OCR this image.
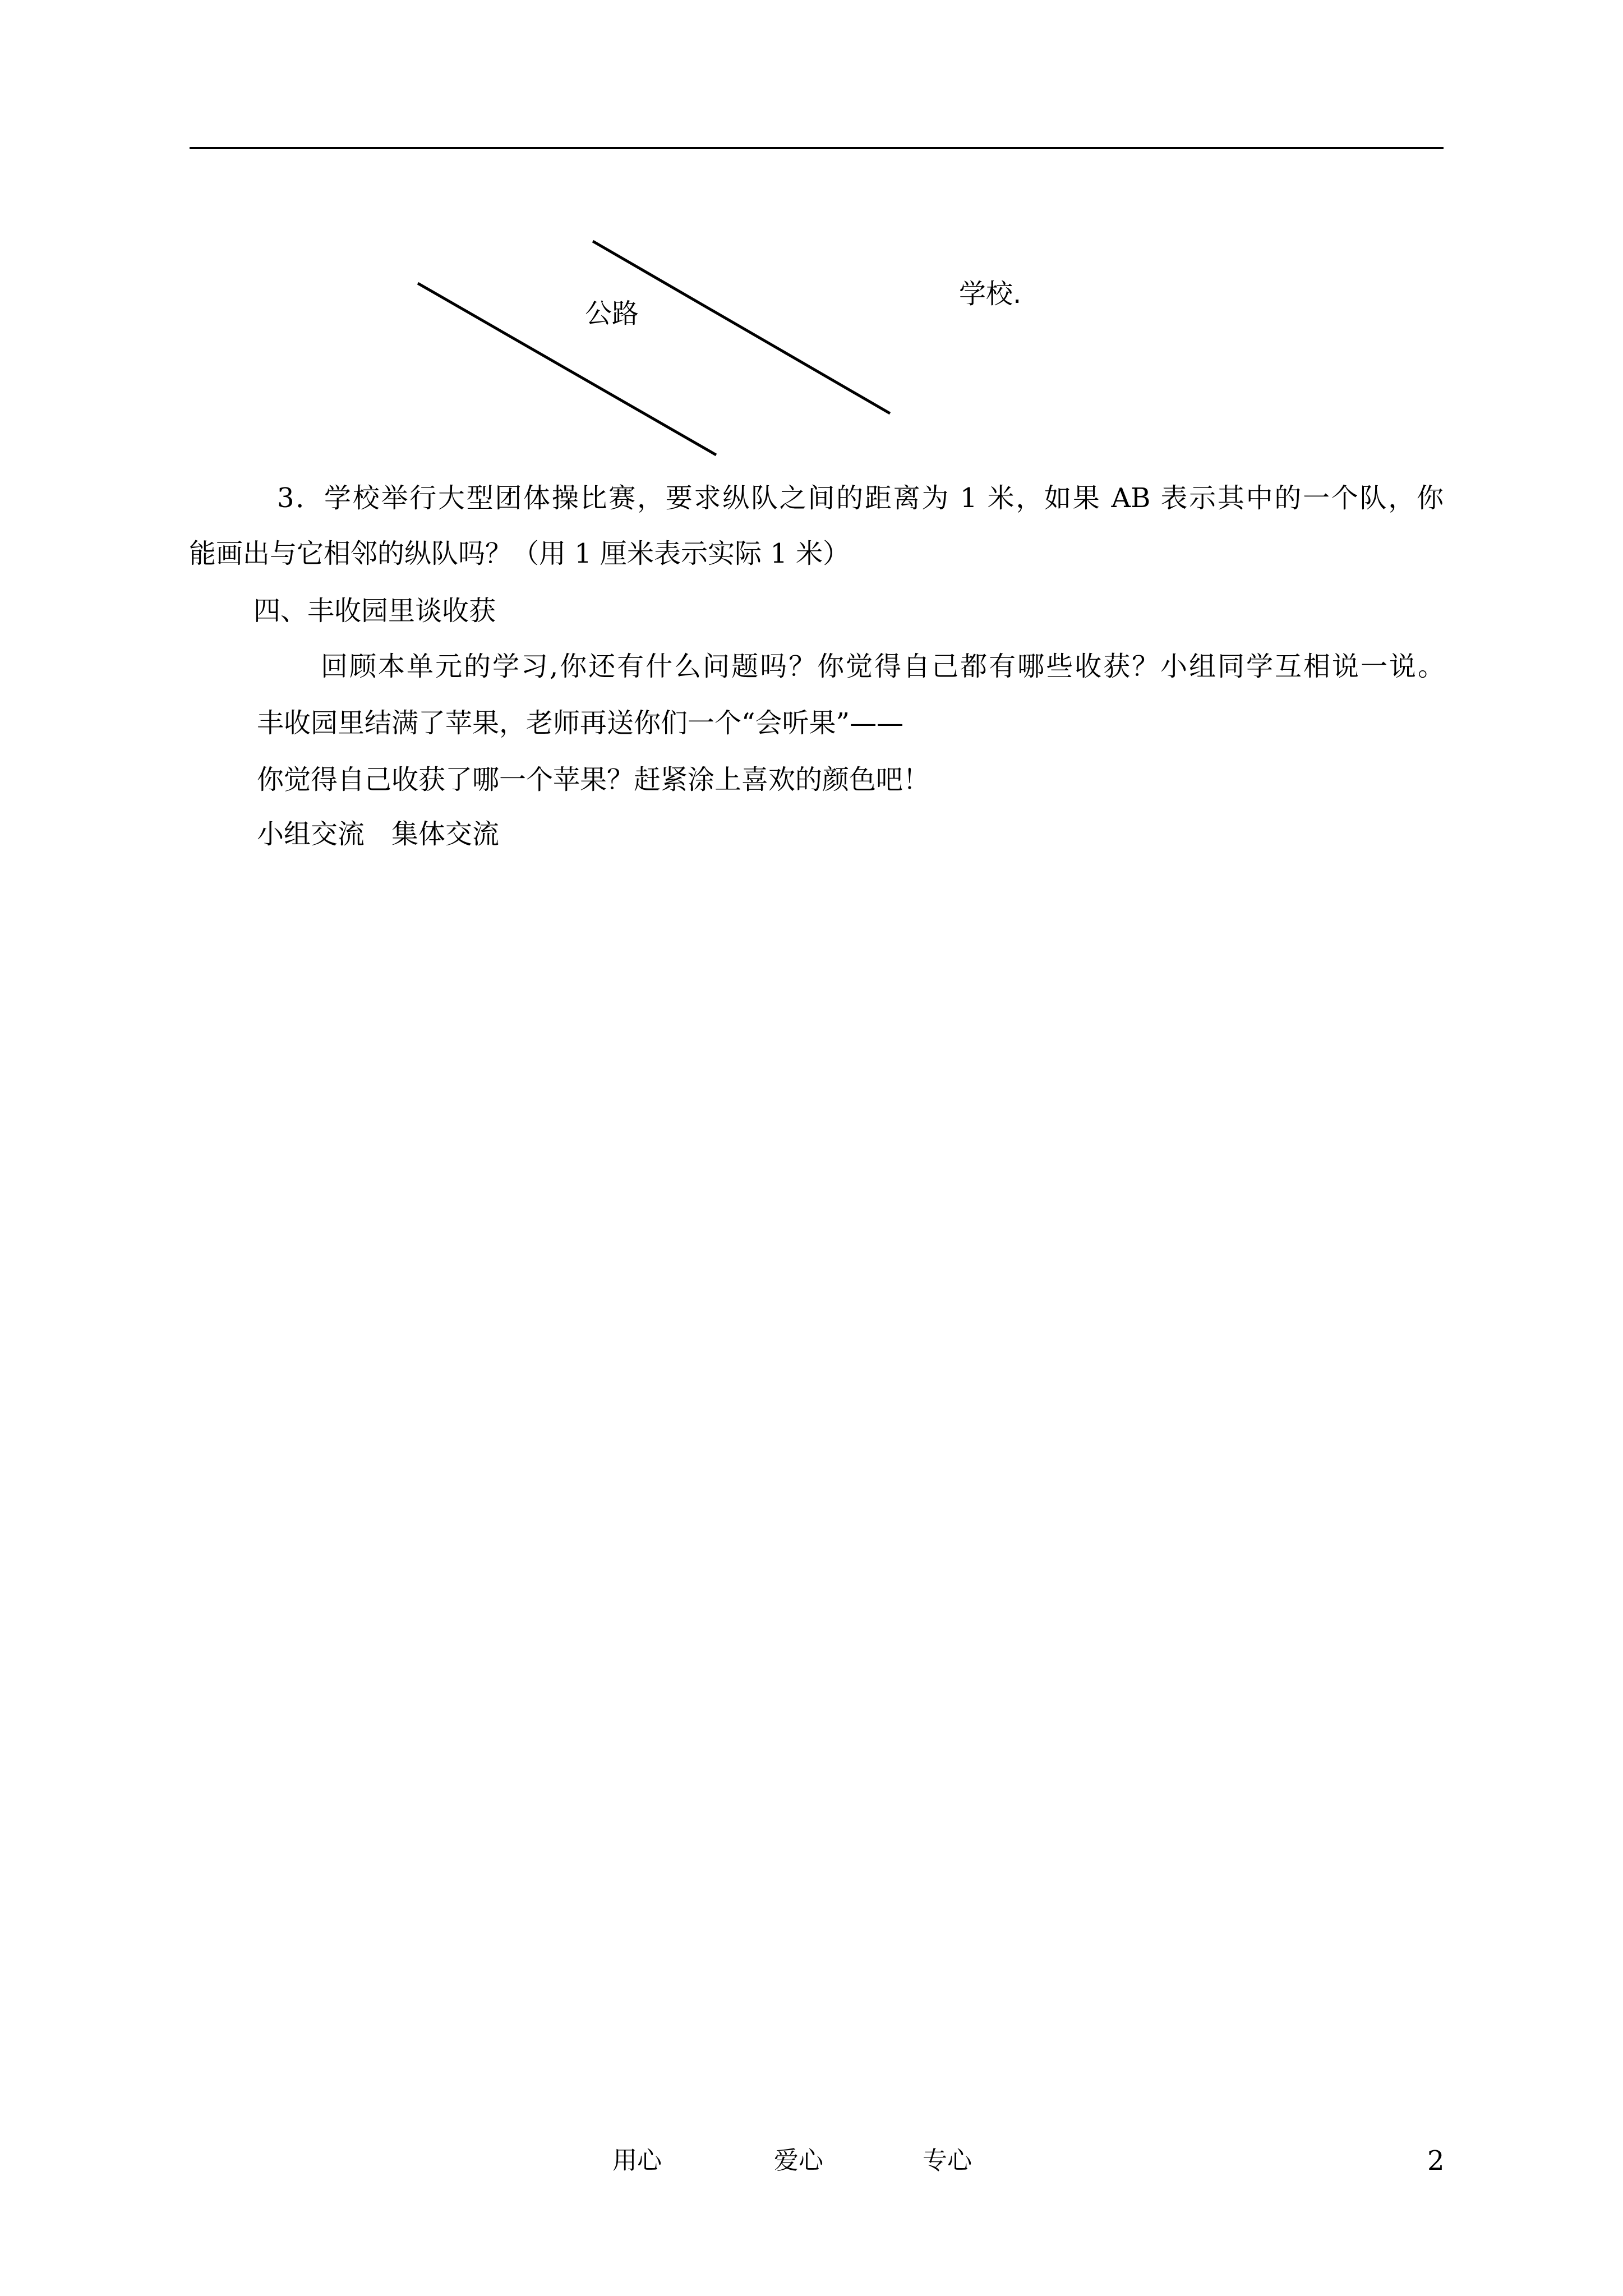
公路
学校.
3．学校举行大型团体操比赛，要求纵队之间的距离为 1 米，如果 AB 表示其中的一个队，你
能画出与它相邻的纵队吗？（用 1 厘米表示实际 1 米）
四、丰收园里谈收获
回顾本单元的学习,你还有什么问题吗？你觉得自己都有哪些收获？小组同学互相说一说。
丰收园里结满了苹果，老师再送你们一个“会听果”——
你觉得自己收获了哪一个苹果？赶紧涂上喜欢的颜色吧！
小组交流　集体交流
用心	爱心	专心	2
